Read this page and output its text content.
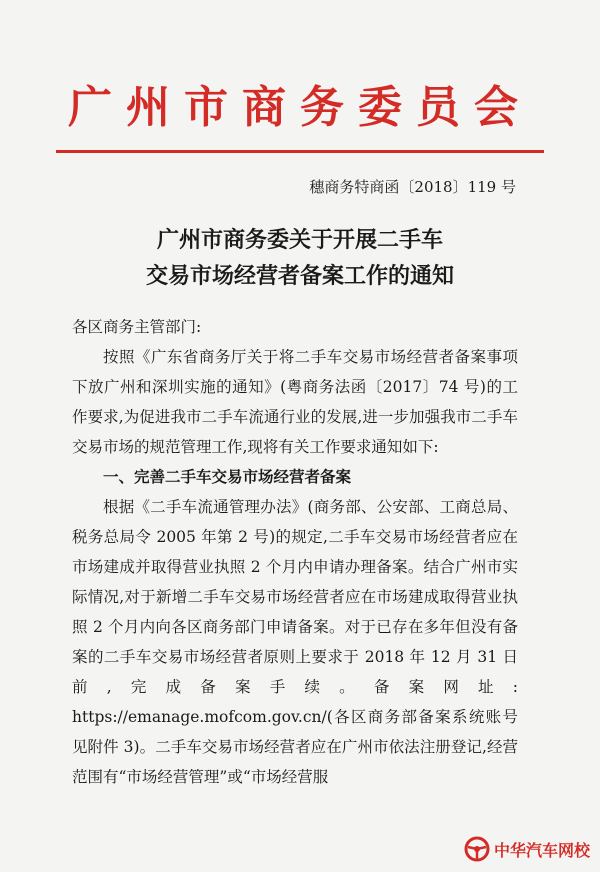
广州市商务委员会
穗商务特商函〔2018〕119 号
广州市商务委关于开展二手车
交易市场经营者备案工作的通知

各区商务主管部门:

按照《广东省商务厅关于将二手车交易市场经营者备案事项下放广州和深圳实施的通知》(粤商务法函〔2017〕74 号)的工作要求,为促进我市二手车流通行业的发展,进一步加强我市二手车交易市场的规范管理工作,现将有关工作要求通知如下:

一、完善二手车交易市场经营者备案

根据《二手车流通管理办法》(商务部、公安部、工商总局、税务总局令 2005 年第 2 号)的规定,二手车交易市场经营者应在市场建成并取得营业执照 2 个月内申请办理备案。结合广州市实际情况,对于新增二手车交易市场经营者应在市场建成取得营业执照 2 个月内向各区商务部门申请备案。对于已存在多年但没有备案的二手车交易市场经营者原则上要求于 2018 年 12 月 31 日前,完成备案手续。备案网址: https://emanage.mofcom.gov.cn/(各区商务部备案系统账号见附件 3)。二手车交易市场经营者应在广州市依法注册登记,经营范围有“市场经营管理”或“市场经营服

中华汽车网校
